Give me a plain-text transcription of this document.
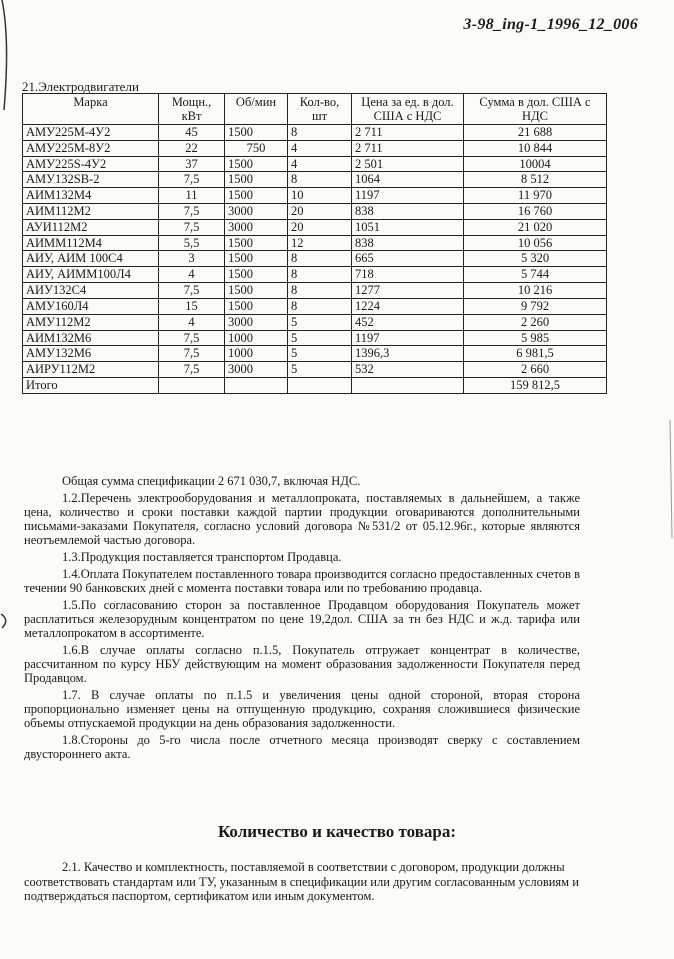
3-98_ing-1_1996_12_006
21.Электродвигатели
Марка	Мощн., кВт	Об/мин	Кол-во, шт	Цена за ед. в дол. США с НДС	Сумма в дол. США с НДС
АМУ225М-4У2	45	1500	8	2 711	21 688
АМУ225М-8У2	22	750	4	2 711	10 844
АМУ225S-4У2	37	1500	4	2 501	10004
АМУ132SB-2	7,5	1500	8	1064	8 512
АИМ132М4	11	1500	10	1197	11 970
АИМ112М2	7,5	3000	20	838	16 760
АУИ112М2	7,5	3000	20	1051	21 020
АИММ112М4	5,5	1500	12	838	10 056
АИУ, АИМ 100С4	3	1500	8	665	5 320
АИУ, АИММ100Л4	4	1500	8	718	5 744
АИУ132С4	7,5	1500	8	1277	10 216
АМУ160Л4	15	1500	8	1224	9 792
АМУ112М2	4	3000	5	452	2 260
АИМ132М6	7,5	1000	5	1197	5 985
АМУ132М6	7,5	1000	5	1396,3	6 981,5
АИРУ112М2	7,5	3000	5	532	2 660
Итого					159 812,5

Общая сумма спецификации 2 671 030,7, включая НДС.

1.2.Перечень электрооборудования и металлопроката, поставляемых в дальнейшем, а также цена, количество и сроки поставки каждой партии продукции оговариваются дополнительными письмами-заказами Покупателя, согласно условий договора №531/2 от 05.12.96г., которые являются неотъемлемой частью договора.

1.3.Продукция поставляется транспортом Продавца.

1.4.Оплата Покупателем поставленного товара производится согласно предоставленных счетов в течении 90 банковских дней с момента поставки товара или по требованию продавца.

1.5.По согласованию сторон за поставленное Продавцом оборудования Покупатель может расплатиться железорудным концентратом по цене 19,2дол. США за тн без НДС и ж.д. тарифа или металлопрокатом в ассортименте.

1.6.В случае оплаты согласно п.1.5, Покупатель отгружает концентрат в количестве, рассчитанном по курсу НБУ действующим на момент образования задолженности Покупателя перед Продавцом.

1.7. В случае оплаты по п.1.5 и увеличения цены одной стороной, вторая сторона пропорционально изменяет цены на отпущенную продукцию, сохраняя сложившиеся физические объемы отпускаемой продукции на день образования задолженности.

1.8.Стороны до 5-го числа после отчетного месяца производят сверку с составлением двустороннего акта.

Количество и качество товара:

2.1. Качество и комплектность, поставляемой в соответствии с договором, продукции должны соответствовать стандартам или ТУ, указанным в спецификации или другим согласованным условиям и подтверждаться паспортом, сертификатом или иным документом.
